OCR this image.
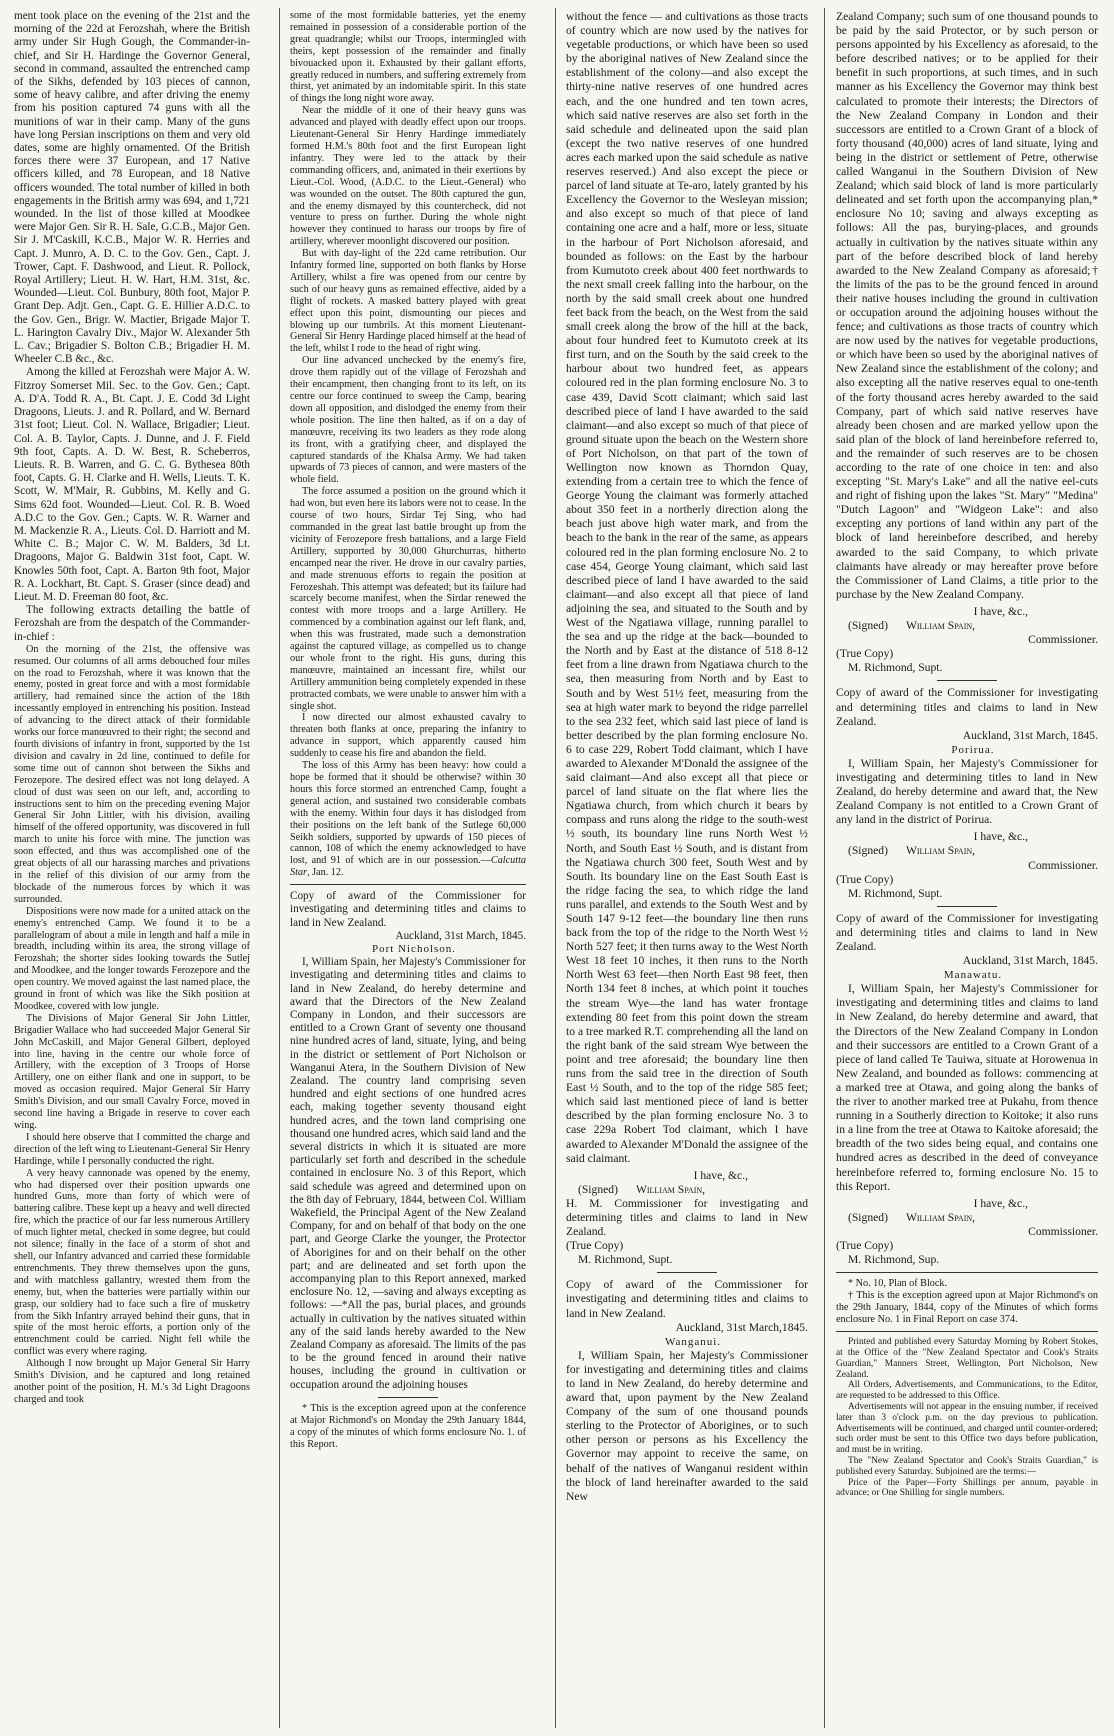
ment took place on the evening of the 21st and the morning of the 22d at Ferozshah, where the British army under Sir Hugh Gough, the Commander-in-chief, and Sir H. Hardinge the Governor General, second in command, assaulted the entrenched camp of the Sikhs, defended by 103 pieces of cannon, some of heavy calibre, and after driving the enemy from his position captured 74 guns with all the munitions of war in their camp. Many of the guns have long Persian inscriptions on them and very old dates, some are highly ornamented. Of the British forces there were 37 European, and 17 Native officers killed, and 78 European, and 18 Native officers wounded. The total number of killed in both engagements in the British army was 694, and 1,721 wounded. In the list of those killed at Moodkee were Major Gen. Sir R. H. Sale, G.C.B., Major Gen. Sir J. M'Caskill, K.C.B., Major W. R. Herries and Capt. J. Munro, A. D. C. to the Gov. Gen., Capt. J. Trower, Capt. F. Dashwood, and Lieut. R. Pollock, Royal Artillery; Lieut. H. W. Hart, H.M. 31st, &c. Wounded—Lieut. Col. Bunbury, 80th foot, Major P. Grant Dep. Adjt. Gen., Capt. G. E. Hillier A.D.C. to the Gov. Gen., Brigr. W. Mactier, Brigade Major T. L. Harington Cavalry Div., Major W. Alexander 5th L. Cav.; Brigadier S. Bolton C.B.; Brigadier H. M. Wheeler C.B &c., &c.

Among the killed at Ferozshah were Major A. W. Fitzroy Somerset Mil. Sec. to the Gov. Gen.; Capt. A. D'A. Todd R. A., Bt. Capt. J. E. Codd 3d Light Dragoons, Lieuts. J. and R. Pollard, and W. Bernard 31st foot; Lieut. Col. N. Wallace, Brigadier; Lieut. Col. A. B. Taylor, Capts. J. Dunne, and J. F. Field 9th foot, Capts. A. D. W. Best, R. Scheberros, Lieuts. R. B. Warren, and G. C. G. Bythesea 80th foot, Capts. G. H. Clarke and H. Wells, Lieuts. T. K. Scott, W. M'Mair, R. Gubbins, M. Kelly and G. Sims 62d foot. Wounded—Lieut. Col. R. B. Woed A.D.C to the Gov. Gen.; Capts. W. R. Warner and M. Mackenzie R. A., Lieuts. Col. D. Harriott and M. White C. B.; Major C. W. M. Balders, 3d Lt. Dragoons, Major G. Baldwin 31st foot, Capt. W. Knowles 50th foot, Capt. A. Barton 9th foot, Major R. A. Lockhart, Bt. Capt. S. Graser (since dead) and Lieut. M. D. Freeman 80 foot, &c.

The following extracts detailing the battle of Ferozshah are from the despatch of the Commander-in-chief :

On the morning of the 21st, the offensive was resumed. Our columns of all arms debouched four miles on the road to Ferozshah, where it was known that the enemy, posted in great force and with a most formidable artillery, had remained since the action of the 18th incessantly employed in entrenching his position. Instead of advancing to the direct attack of their formidable works our force manœuvred to their right; the second and fourth divisions of infantry in front, supported by the 1st division and cavalry in 2d line, continued to defile for some time out of cannon shot between the Sikhs and Ferozepore. The desired effect was not long delayed. A cloud of dust was seen on our left, and, according to instructions sent to him on the preceding evening Major General Sir John Littler, with his division, availing himself of the offered opportunity, was discovered in full march to unite his force with mine. The junction was soon effected, and thus was accomplished one of the great objects of all our harassing marches and privations in the relief of this division of our army from the blockade of the numerous forces by which it was surrounded.

Dispositions were now made for a united attack on the enemy's entrenched Camp. We found it to be a parallelogram of about a mile in length and half a mile in breadth, including within its area, the strong village of Ferozshah; the shorter sides looking towards the Sutlej and Moodkee, and the longer towards Ferozepore and the open country. We moved against the last named place, the ground in front of which was like the Sikh position at Moodkee, covered with low jungle.

The Divisions of Major General Sir John Littler, Brigadier Wallace who had succeeded Major General Sir John McCaskill, and Major General Gilbert, deployed into line, having in the centre our whole force of Artillery, with the exception of 3 Troops of Horse Artillery, one on either flank and one in support, to be moved as occasion required. Major General Sir Harry Smith's Division, and our small Cavalry Force, moved in second line having a Brigade in reserve to cover each wing.

I should here observe that I committed the charge and direction of the left wing to Lieutenant-General Sir Henry Hardinge, while I personally conducted the right.

A very heavy cannonade was opened by the enemy, who had dispersed over their position upwards one hundred Guns, more than forty of which were of battering calibre. These kept up a heavy and well directed fire, which the practice of our far less numerous Artillery of much lighter metal, checked in some degree, but could not silence; finally in the face of a storm of shot and shell, our Infantry advanced and carried these formidable entrenchments. They threw themselves upon the guns, and with matchless gallantry, wrested them from the enemy, but, when the batteries were partially within our grasp, our soldiery had to face such a fire of musketry from the Sikh Infantry arrayed behind their guns, that in spite of the most heroic efforts, a portion only of the entrenchment could be carried. Night fell while the conflict was every where raging.

Although I now brought up Major General Sir Harry Smith's Division, and he captured and long retained another point of the position, H. M.'s 3d Light Dragoons charged and took

some of the most formidable batteries, yet the enemy remained in possession of a considerable portion of the great quadrangle; whilst our Troops, intermingled with theirs, kept possession of the remainder and finally bivouacked upon it. Exhausted by their gallant efforts, greatly reduced in numbers, and suffering extremely from thirst, yet animated by an indomitable spirit. In this state of things the long night wore away.

Near the middle of it one of their heavy guns was advanced and played with deadly effect upon our troops. Lieutenant-General Sir Henry Hardinge immediately formed H.M.'s 80th foot and the first European light infantry. They were led to the attack by their commanding officers, and, animated in their exertions by Lieut.-Col. Wood, (A.D.C. to the Lieut.-General) who was wounded on the outset. The 80th captured the gun, and the enemy dismayed by this countercheck, did not venture to press on further. During the whole night however they continued to harass our troops by fire of artillery, wherever moonlight discovered our position.

But with day-light of the 22d came retribution. Our Infantry formed line, supported on both flanks by Horse Artillery, whilst a fire was opened from our centre by such of our heavy guns as remained effective, aided by a flight of rockets. A masked battery played with great effect upon this point, dismounting our pieces and blowing up our tumbrils. At this moment Lieutenant-General Sir Henry Hardinge placed himself at the head of the left, whilst I rode to the head of right wing.

Our line advanced unchecked by the enemy's fire, drove them rapidly out of the village of Ferozshah and their encampment, then changing front to its left, on its centre our force continued to sweep the Camp, bearing down all opposition, and dislodged the enemy from their whole position. The line then halted, as if on a day of manœuvre, receiving its two leaders as they rode along its front, with a gratifying cheer, and displayed the captured standards of the Khalsa Army. We had taken upwards of 73 pieces of cannon, and were masters of the whole field.

The force assumed a position on the ground which it had won, but even here its labors were not to cease. In the course of two hours, Sirdar Tej Sing, who had commanded in the great last battle brought up from the vicinity of Ferozepore fresh battalions, and a large Field Artillery, supported by 30,000 Ghurchurras, hitherto encamped near the river. He drove in our cavalry parties, and made strenuous efforts to regain the position at Ferozeshah. This attempt was defeated; but its failure had scarcely become manifest, when the Sirdar renewed the contest with more troops and a large Artillery. He commenced by a combination against our left flank, and, when this was frustrated, made such a demonstration against the captured village, as compelled us to change our whole front to the right. His guns, during this manœuvre, maintained an incessant fire, whilst our Artillery ammunition being completely expended in these protracted combats, we were unable to answer him with a single shot.

I now directed our almost exhausted cavalry to threaten both flanks at once, preparing the infantry to advance in support, which apparently caused him suddenly to cease his fire and abandon the field.

The loss of this Army has been heavy: how could a hope be formed that it should be otherwise? within 30 hours this force stormed an entrenched Camp, fought a general action, and sustained two considerable combats with the enemy. Within four days it has dislodged from their positions on the left bank of the Sutlege 60,000 Seikh soldiers, supported by upwards of 150 pieces of cannon, 108 of which the enemy acknowledged to have lost, and 91 of which are in our possession.—Calcutta Star, Jan. 12.

Copy of award of the Commissioner for investigating and determining titles and claims to land in New Zealand.

Auckland, 31st March, 1845.

Port Nicholson.

I, William Spain, her Majesty's Commissioner for investigating and determining titles and claims to land in New Zealand, do hereby determine and award that the Directors of the New Zealand Company in London, and their successors are entitled to a Crown Grant of seventy one thousand nine hundred acres of land, situate, lying, and being in the district or settlement of Port Nicholson or Wanganui Atera, in the Southern Division of New Zealand. The country land comprising seven hundred and eight sections of one hundred acres each, making together seventy thousand eight hundred acres, and the town land comprising one thousand one hundred acres, which said land and the several districts in which it is situated are more particularly set forth and described in the schedule contained in enclosure No. 3 of this Report, which said schedule was agreed and determined upon on the 8th day of February, 1844, between Col. William Wakefield, the Principal Agent of the New Zealand Company, for and on behalf of that body on the one part, and George Clarke the younger, the Protector of Aborigines for and on their behalf on the other part; and are delineated and set forth upon the accompanying plan to this Report annexed, marked enclosure No. 12, —saving and always excepting as follows: —*All the pas, burial places, and grounds actually in cultivation by the natives situated within any of the said lands hereby awarded to the New Zealand Company as aforesaid. The limits of the pas to be the ground fenced in around their native houses, including the ground in cultivation or occupation around the adjoining houses

* This is the exception agreed upon at the conference at Major Richmond's on Monday the 29th January 1844, a copy of the minutes of which forms enclosure No. 1. of this Report.

without the fence — and cultivations as those tracts of country which are now used by the natives for vegetable productions, or which have been so used by the aboriginal natives of New Zealand since the establishment of the colony—and also except the thirty-nine native reserves of one hundred acres each, and the one hundred and ten town acres, which said native reserves are also set forth in the said schedule and delineated upon the said plan (except the two native reserves of one hundred acres each marked upon the said schedule as native reserves reserved.) And also except the piece or parcel of land situate at Te-aro, lately granted by his Excellency the Governor to the Wesleyan mission; and also except so much of that piece of land containing one acre and a half, more or less, situate in the harbour of Port Nicholson aforesaid, and bounded as follows: on the East by the harbour from Kumutoto creek about 400 feet northwards to the next small creek falling into the harbour, on the north by the said small creek about one hundred feet back from the beach, on the West from the said small creek along the brow of the hill at the back, about four hundred feet to Kumutoto creek at its first turn, and on the South by the said creek to the harbour about two hundred feet, as appears coloured red in the plan forming enclosure No. 3 to case 439, David Scott claimant; which said last described piece of land I have awarded to the said claimant—and also except so much of that piece of ground situate upon the beach on the Western shore of Port Nicholson, on that part of the town of Wellington now known as Thorndon Quay, extending from a certain tree to which the fence of George Young the claimant was formerly attached about 350 feet in a northerly direction along the beach just above high water mark, and from the beach to the bank in the rear of the same, as appears coloured red in the plan forming enclosure No. 2 to case 454, George Young claimant, which said last described piece of land I have awarded to the said claimant—and also except all that piece of land adjoining the sea, and situated to the South and by West of the Ngatiawa village, running parallel to the sea and up the ridge at the back—bounded to the North and by East at the distance of 518 8-12 feet from a line drawn from Ngatiawa church to the sea, then measuring from North and by East to South and by West 51½ feet, measuring from the sea at high water mark to beyond the ridge parrellel to the sea 232 feet, which said last piece of land is better described by the plan forming enclosure No. 6 to case 229, Robert Todd claimant, which I have awarded to Alexander M'Donald the assignee of the said claimant—And also except all that piece or parcel of land situate on the flat where lies the Ngatiawa church, from which church it bears by compass and runs along the ridge to the south-west ½ south, its boundary line runs North West ½ North, and South East ½ South, and is distant from the Ngatiawa church 300 feet, South West and by South. Its boundary line on the East South East is the ridge facing the sea, to which ridge the land runs parallel, and extends to the South West and by South 147 9-12 feet—the boundary line then runs back from the top of the ridge to the North West ½ North 527 feet; it then turns away to the West North West 18 feet 10 inches, it then runs to the North North West 63 feet—then North East 98 feet, then North 134 feet 8 inches, at which point it touches the stream Wye—the land has water frontage extending 80 feet from this point down the stream to a tree marked R.T. comprehending all the land on the right bank of the said stream Wye between the point and tree aforesaid; the boundary line then runs from the said tree in the direction of South East ½ South, and to the top of the ridge 585 feet; which said last mentioned piece of land is better described by the plan forming enclosure No. 3 to case 229a Robert Tod claimant, which I have awarded to Alexander M'Donald the assignee of the said claimant.

I have, &c.,

(Signed) William Spain,

H. M. Commissioner for investigating and determining titles and claims to land in New Zealand.

(True Copy)

M. Richmond, Supt.

Copy of award of the Commissioner for investigating and determining titles and claims to land in New Zealand.

Auckland, 31st March,1845.

Wanganui.

I, William Spain, her Majesty's Commissioner for investigating and determining titles and claims to land in New Zealand, do hereby determine and award that, upon payment by the New Zealand Company of the sum of one thousand pounds sterling to the Protector of Aborigines, or to such other person or persons as his Excellency the Governor may appoint to receive the same, on behalf of the natives of Wanganui resident within the block of land hereinafter awarded to the said New

Zealand Company; such sum of one thousand pounds to be paid by the said Protector, or by such person or persons appointed by his Excellency as aforesaid, to the before described natives; or to be applied for their benefit in such proportions, at such times, and in such manner as his Excellency the Governor may think best calculated to promote their interests; the Directors of the New Zealand Company in London and their successors are entitled to a Crown Grant of a block of forty thousand (40,000) acres of land situate, lying and being in the district or settlement of Petre, otherwise called Wanganui in the Southern Division of New Zealand; which said block of land is more particularly delineated and set forth upon the accompanying plan,* enclosure No 10; saving and always excepting as follows: All the pas, burying-places, and grounds actually in cultivation by the natives situate within any part of the before described block of land hereby awarded to the New Zealand Company as aforesaid;† the limits of the pas to be the ground fenced in around their native houses including the ground in cultivation or occupation around the adjoining houses without the fence; and cultivations as those tracts of country which are now used by the natives for vegetable productions, or which have been so used by the aboriginal natives of New Zealand since the establishment of the colony; and also excepting all the native reserves equal to one-tenth of the forty thousand acres hereby awarded to the said Company, part of which said native reserves have already been chosen and are marked yellow upon the said plan of the block of land hereinbefore referred to, and the remainder of such reserves are to be chosen according to the rate of one choice in ten: and also excepting "St. Mary's Lake" and all the native eel-cuts and right of fishing upon the lakes "St. Mary" "Medina" "Dutch Lagoon" and "Widgeon Lake": and also excepting any portions of land within any part of the block of land hereinbefore described, and hereby awarded to the said Company, to which private claimants have already or may hereafter prove before the Commissioner of Land Claims, a title prior to the purchase by the New Zealand Company.

I have, &c.,

(Signed) William Spain,

Commissioner.

(True Copy)

M. Richmond, Supt.

Copy of award of the Commissioner for investigating and determining titles and claims to land in New Zealand.

Auckland, 31st March, 1845.

Porirua.

I, William Spain, her Majesty's Commissioner for investigating and determining titles to land in New Zealand, do hereby determine and award that, the New Zealand Company is not entitled to a Crown Grant of any land in the district of Porirua.

I have, &c.,

(Signed) William Spain,

Commissioner.

(True Copy)

M. Richmond, Supt.

Copy of award of the Commissioner for investigating and determining titles and claims to land in New Zealand.

Auckland, 31st March, 1845.

Manawatu.

I, William Spain, her Majesty's Commissioner for investigating and determining titles and claims to land in New Zealand, do hereby determine and award, that the Directors of the New Zealand Company in London and their successors are entitled to a Crown Grant of a piece of land called Te Tauiwa, situate at Horowenua in New Zealand, and bounded as follows: commencing at a marked tree at Otawa, and going along the banks of the river to another marked tree at Pukahu, from thence running in a Southerly direction to Koitoke; it also runs in a line from the tree at Otawa to Kaitoke aforesaid; the breadth of the two sides being equal, and contains one hundred acres as described in the deed of conveyance hereinbefore referred to, forming enclosure No. 15 to this Report.

I have, &c.,

(Signed) William Spain,

Commissioner.

(True Copy)

M. Richmond, Sup.

* No. 10, Plan of Block.

† This is the exception agreed upon at Major Richmond's on the 29th January, 1844, copy of the Minutes of which forms enclosure No. 1 in Final Report on case 374.

Printed and published every Saturday Morning by Robert Stokes, at the Office of the "New Zealand Spectator and Cook's Straits Guardian," Manners Street, Wellington, Port Nicholson, New Zealand.

All Orders, Advertisements, and Communications, to the Editor, are requested to be addressed to this Office.

Advertisements will not appear in the ensuing number, if received later than 3 o'clock p.m. on the day previous to publication. Advertisements will be continued, and charged until counter-ordered; such order must be sent to this Office two days before publication, and must be in writing.

The "New Zealand Spectator and Cook's Straits Guardian," is published every Saturday. Subjoined are the terms:—

Price of the Paper—Forty Shillings per annum, payable in advance; or One Shilling for single numbers.
